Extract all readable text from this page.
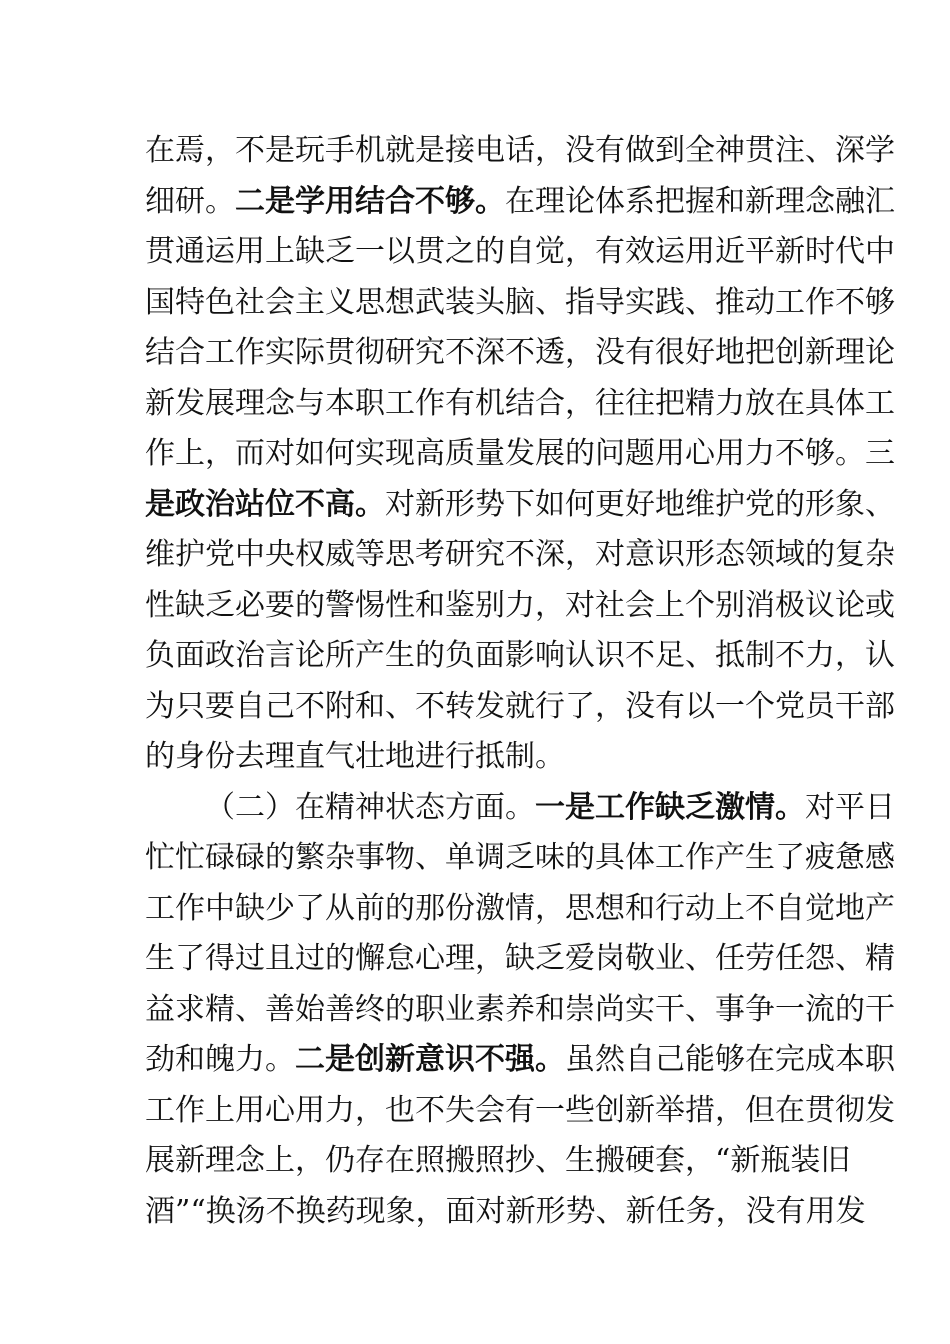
在焉，不是玩手机就是接电话，没有做到全神贯注、深学
细研。二是学用结合不够。在理论体系把握和新理念融汇
贯通运用上缺乏一以贯之的自觉，有效运用近平新时代中
国特色社会主义思想武装头脑、指导实践、推动工作不够
结合工作实际贯彻研究不深不透，没有很好地把创新理论
新发展理念与本职工作有机结合，往往把精力放在具体工
作上，而对如何实现高质量发展的问题用心用力不够。三
是政治站位不高。对新形势下如何更好地维护党的形象、
维护党中央权威等思考研究不深，对意识形态领域的复杂
性缺乏必要的警惕性和鉴别力，对社会上个别消极议论或
负面政治言论所产生的负面影响认识不足、抵制不力，认
为只要自己不附和、不转发就行了，没有以一个党员干部
的身份去理直气壮地进行抵制。
（二）在精神状态方面。一是工作缺乏激情。对平日
忙忙碌碌的繁杂事物、单调乏味的具体工作产生了疲惫感
工作中缺少了从前的那份激情，思想和行动上不自觉地产
生了得过且过的懈怠心理，缺乏爱岗敬业、任劳任怨、精
益求精、善始善终的职业素养和崇尚实干、事争一流的干
劲和魄力。二是创新意识不强。虽然自己能够在完成本职
工作上用心用力，也不失会有一些创新举措，但在贯彻发
展新理念上，仍存在照搬照抄、生搬硬套，“新瓶装旧
酒”“换汤不换药现象，面对新形势、新任务，没有用发
